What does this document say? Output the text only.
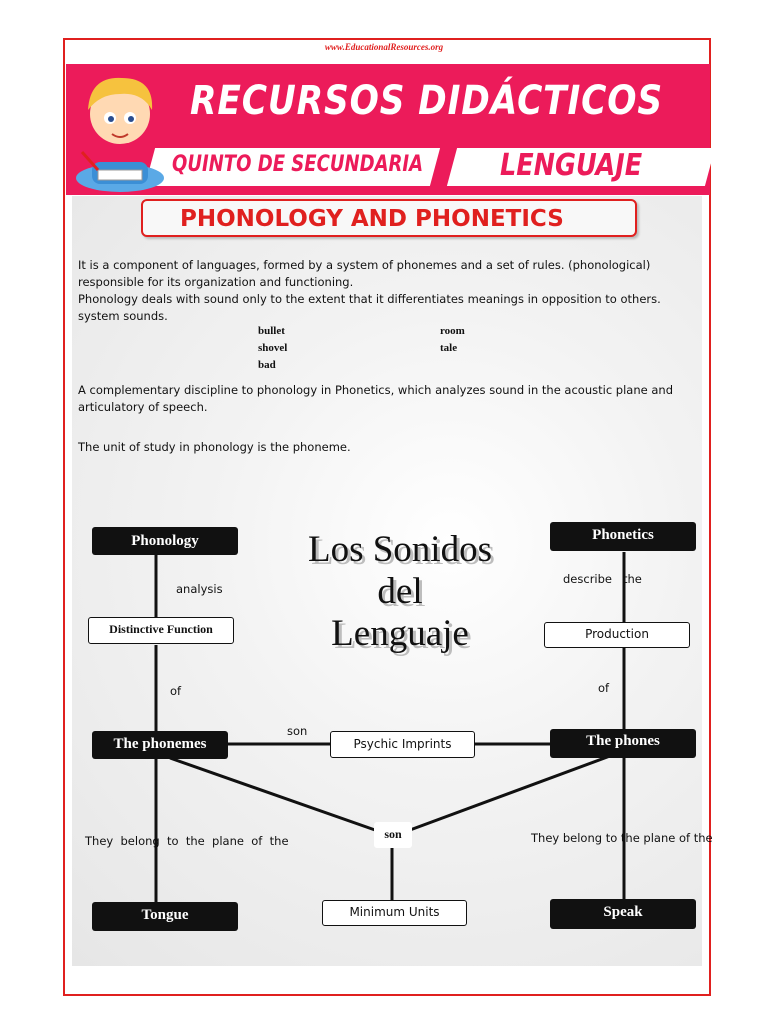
www.EducationalResources.org
RECURSOS DIDÁCTICOS
QUINTO DE SECUNDARIA	LENGUAJE
PHONOLOGY AND PHONETICS
It is a component of languages, formed by a system of phonemes and a set of rules. (phonological) responsible for its organization and functioning.
Phonology deals with sound only to the extent that it differentiates meanings in opposition to others. system sounds.
bullet
shovel
bad
room
tale
A complementary discipline to phonology in Phonetics, which analyzes sound in the acoustic plane and articulatory of speech.
The unit of study in phonology is the phoneme.
Los Sonidos
del
Lenguaje
Phonology	Phonetics
Distinctive Function	Production
The phonemes	The phones
Psychic Imprints
son
Tongue	Minimum Units	Speak
analysis
describe   the
of	of
son
They  belong  to  the  plane  of  the	They belong to the plane of the
